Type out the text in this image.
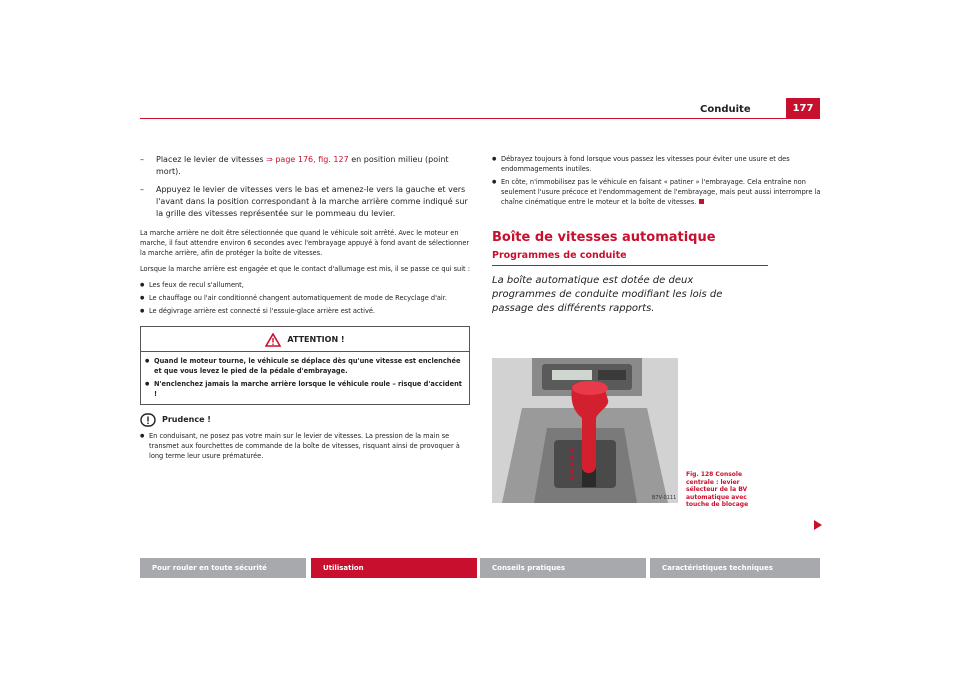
Conduite	177
– Placez le levier de vitesses ⇒ page 176, fig. 127 en position milieu (point mort).
– Appuyez le levier de vitesses vers le bas et amenez-le vers la gauche et vers l'avant dans la position correspondant à la marche arrière comme indiqué sur la grille des vitesses représentée sur le pommeau du levier.

La marche arrière ne doit être sélectionnée que quand le véhicule soit arrêté. Avec le moteur en marche, il faut attendre environ 6 secondes avec l'embrayage appuyé à fond avant de sélectionner la marche arrière, afin de protéger la boîte de vitesses.

Lorsque la marche arrière est engagée et que le contact d'allumage est mis, il se passe ce qui suit :

● Les feux de recul s'allument,
● Le chauffage ou l'air conditionné changent automatiquement de mode de Recyclage d'air.
● Le dégivrage arrière est connecté si l'essuie-glace arrière est activé.
ATTENTION !
● Quand le moteur tourne, le véhicule se déplace dès qu'une vitesse est enclenchée et que vous levez le pied de la pédale d'embrayage.
● N'enclenchez jamais la marche arrière lorsque le véhicule roule – risque d'accident !
Prudence !
● En conduisant, ne posez pas votre main sur le levier de vitesses. La pression de la main se transmet aux fourchettes de commande de la boîte de vitesses, risquant ainsi de provoquer à long terme leur usure prématurée.
● Débrayez toujours à fond lorsque vous passez les vitesses pour éviter une usure et des endommagements inutiles.
● En côte, n'immobilisez pas le véhicule en faisant « patiner » l'embrayage. Cela entraîne non seulement l'usure précoce et l'endommagement de l'embrayage, mais peut aussi interrompre la chaîne cinématique entre le moteur et la boîte de vitesses.
Boîte de vitesses automatique
Programmes de conduite
La boîte automatique est dotée de deux programmes de conduite modifiant les lois de passage des différents rapports.
B7V-0111
Fig. 128 Console centrale : levier sélecteur de la BV automatique avec touche de blocage
Pour rouler en toute sécurité	Utilisation	Conseils pratiques	Caractéristiques techniques
